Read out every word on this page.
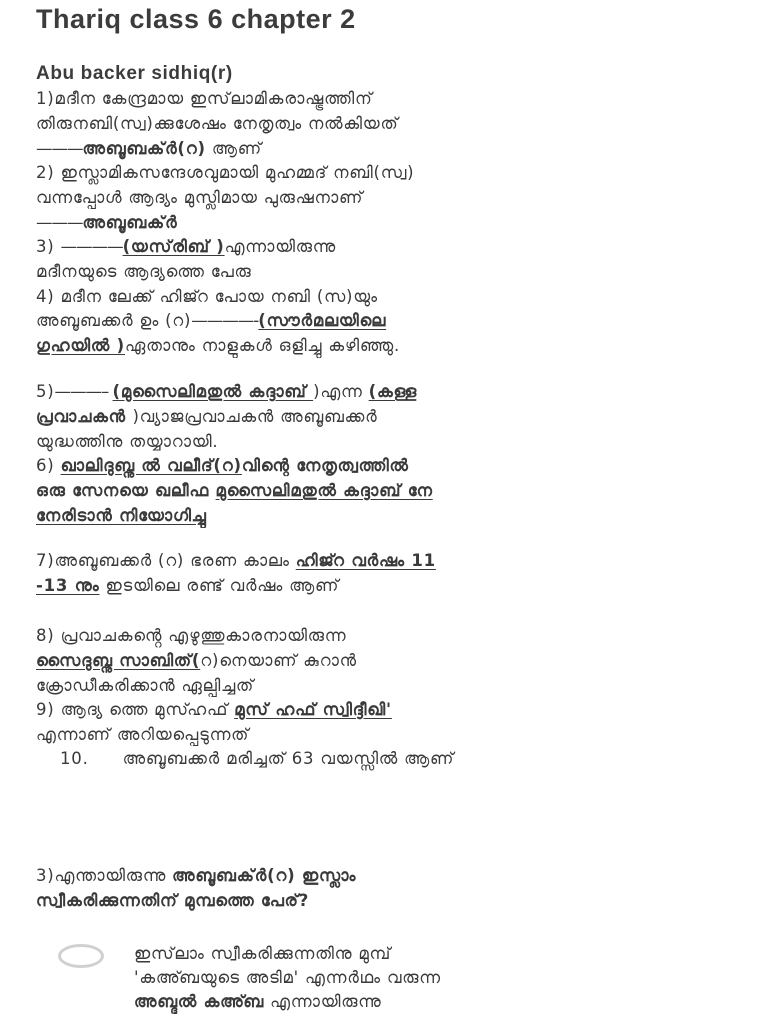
Thariq class 6 chapter 2
Abu backer sidhiq(r)
1)മദീന കേന്ദ്രമായ ഇസ്‌ലാമികരാഷ്ട്രത്തിന്
തിരുനബി(സ്വ)ക്കുശേഷം നേതൃത്വം നൽകിയത്
———അബൂബക്ർ(റ) ആണ്
2) ഇസ്ലാമികസന്ദേശവുമായി മുഹമ്മദ് നബി(സ്വ)
വന്നപ്പോൾ ആദ്യം മുസ്ലിമായ പുരുഷനാണ്
———അബൂബക്ർ
3) ————(യസ്‌രിബ് )എന്നായിരുന്നു
മദീനയുടെ ആദ്യത്തെ പേരു
4) മദീന ലേക്ക് ഹിജ്റ പോയ നബി (സ)യും
അബൂബക്കർ ഉം (റ)————-(സൗർമലയിലെ
ഗുഹയിൽ )ഏതാനും നാളുകൾ ഒളിച്ചു കഴിഞ്ഞു.
5)———– (മുസൈലിമതുൽ കദ്ദാബ് )എന്ന (കള്ള
പ്രവാചകൻ )വ്യാജപ്രവാചകൻ അബൂബക്കർ
യുദ്ധത്തിനു തയ്യാറായി.
6) ഖാലിദുബ്നു ൽ വലീദ്(റ)വിന്റെ നേതൃത്വത്തിൽ
ഒരു സേനയെ ഖലീഫ മുസൈലിമതുൽ കദ്ദാബ് നേ
നേരിടാൻ നിയോഗിച്ചു
7)അബൂബക്കർ (റ) ഭരണ കാലം ഹിജ്റ വർഷം 11
-13 നും ഇടയിലെ രണ്ട് വർഷം ആണ്
8) പ്രവാചകൻ്റെ എഴുത്തുകാരനായിരുന്ന
സൈദുബ്നു സാബിത്(റ)നെയാണ് കുറാൻ
ക്രോഡീകരിക്കാൻ ഏല്പിച്ചത്
9) ആദ്യ ത്തെ മുസ്ഹഫ് മുസ് ഹഫ് സ്വിദ്ദീഖി'
എന്നാണ് അറിയപ്പെടുന്നത്
10. അബൂബക്കർ മരിച്ചത് 63 വയസ്സിൽ ആണ്
3)എന്തായിരുന്നു അബൂബക്ർ(റ) ഇസ്ലാം
സ്വീകരിക്കുന്നതിന് മുമ്പത്തെ പേര്?
ഇസ്‌ലാം സ്വീകരിക്കുന്നതിനു മുമ്പ്
'കഅ്ബയുടെ അടിമ' എന്നർഥം വരുന്ന
അബ്ദുൽ കഅ്ബ എന്നായിരുന്നു
